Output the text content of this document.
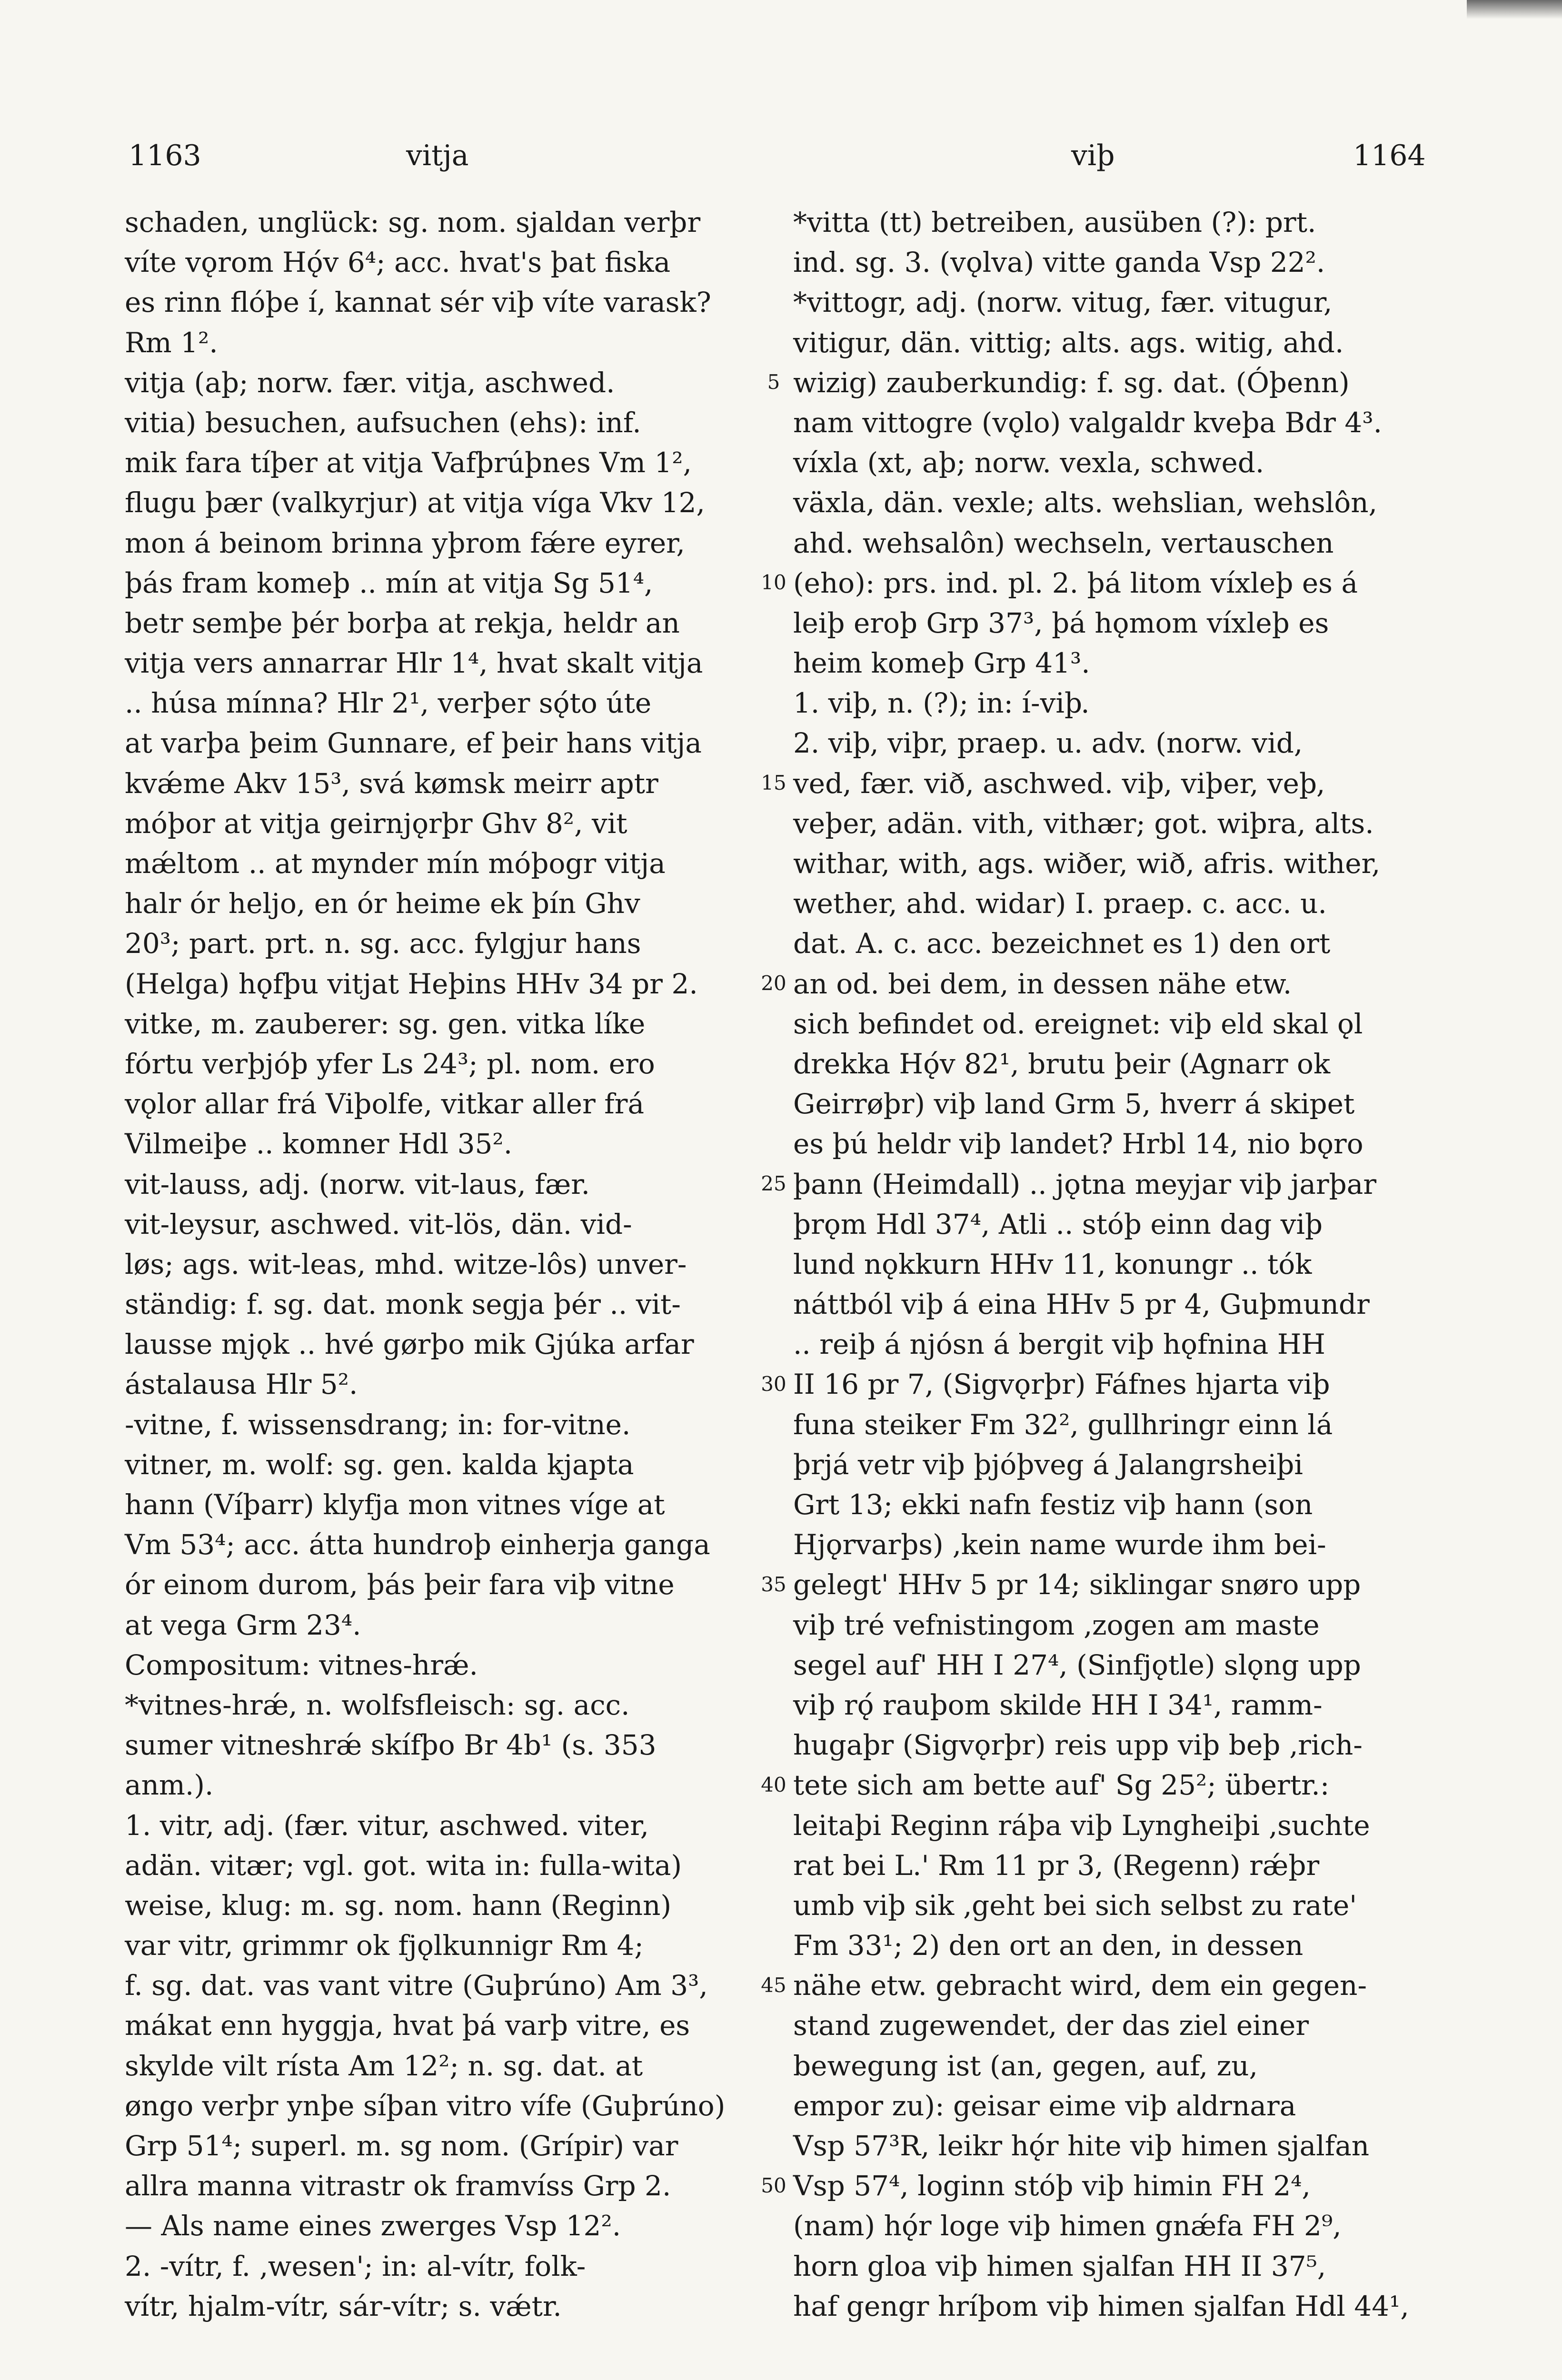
1163	vitja	viþ	1164
schaden, unglück: sg. nom. sjaldan verþr
víte vǫrom Hǫ́v 6⁴; acc. hvat's þat fiska
es rinn flóþe í, kannat sér viþ víte varask?
Rm 1².
vitja (aþ; norw. fær. vitja, aschwed.
vitia) besuchen, aufsuchen (ehs): inf.
mik fara tíþer at vitja Vafþrúþnes Vm 1²,
flugu þær (valkyrjur) at vitja víga Vkv 12,
mon á beinom brinna yþrom fǽre eyrer,
þás fram komeþ .. mín at vitja Sg 51⁴,
betr semþe þér borþa at rekja, heldr an
vitja vers annarrar Hlr 1⁴, hvat skalt vitja
.. húsa mínna? Hlr 2¹, verþer sǫ́to úte
at varþa þeim Gunnare, ef þeir hans vitja
kvǽme Akv 15³, svá kømsk meirr aptr
móþor at vitja geirnjǫrþr Ghv 8², vit
mǽltom .. at mynder mín móþogr vitja
halr ór heljo, en ór heime ek þín Ghv
20³; part. prt. n. sg. acc. fylgjur hans
(Helga) hǫfþu vitjat Heþins HHv 34 pr 2.
vitke, m. zauberer: sg. gen. vitka líke
fórtu verþjóþ yfer Ls 24³; pl. nom. ero
vǫlor allar frá Viþolfe, vitkar aller frá
Vilmeiþe .. komner Hdl 35².
vit-lauss, adj. (norw. vit-laus, fær.
vit-leysur, aschwed. vit-lös, dän. vid-
løs; ags. wit-leas, mhd. witze-lôs) unver-
ständig: f. sg. dat. monk segja þér .. vit-
lausse mjǫk .. hvé gørþo mik Gjúka arfar
ástalausa Hlr 5².
-vitne, f. wissensdrang; in: for-vitne.
vitner, m. wolf: sg. gen. kalda kjapta
hann (Víþarr) klyfja mon vitnes víge at
Vm 53⁴; acc. átta hundroþ einherja ganga
ór einom durom, þás þeir fara viþ vitne
at vega Grm 23⁴.
Compositum: vitnes-hrǽ.
*vitnes-hrǽ, n. wolfsfleisch: sg. acc.
sumer vitneshrǽ skífþo Br 4b¹ (s. 353
anm.).
1. vitr, adj. (fær. vitur, aschwed. viter,
adän. vitær; vgl. got. wita in: fulla-wita)
weise, klug: m. sg. nom. hann (Reginn)
var vitr, grimmr ok fjǫlkunnigr Rm 4;
f. sg. dat. vas vant vitre (Guþrúno) Am 3³,
mákat enn hyggja, hvat þá varþ vitre, es
skylde vilt rísta Am 12²; n. sg. dat. at
øngo verþr ynþe síþan vitro vífe (Guþrúno)
Grp 51⁴; superl. m. sg nom. (Grípir) var
allra manna vitrastr ok framvíss Grp 2.
— Als name eines zwerges Vsp 12².
2. -vítr, f. ‚wesen'; in: al-vítr, folk-
vítr, hjalm-vítr, sár-vítr; s. vǽtr.
*vitta (tt) betreiben, ausüben (?): prt.
ind. sg. 3. (vǫlva) vitte ganda Vsp 22².
*vittogr, adj. (norw. vitug, fær. vitugur,
vitigur, dän. vittig; alts. ags. witig, ahd.
wizig) zauberkundig: f. sg. dat. (Óþenn)
nam vittogre (vǫlo) valgaldr kveþa Bdr 4³.
víxla (xt, aþ; norw. vexla, schwed.
växla, dän. vexle; alts. wehslian, wehslôn,
ahd. wehsalôn) wechseln, vertauschen
(eho): prs. ind. pl. 2. þá litom víxleþ es á
leiþ eroþ Grp 37³, þá hǫmom víxleþ es
heim komeþ Grp 41³.
1. viþ, n. (?); in: í-viþ.
2. viþ, viþr, praep. u. adv. (norw. vid,
ved, fær. við, aschwed. viþ, viþer, veþ,
veþer, adän. vith, vithær; got. wiþra, alts.
withar, with, ags. wiðer, wið, afris. wither,
wether, ahd. widar) I. praep. c. acc. u.
dat. A. c. acc. bezeichnet es 1) den ort
an od. bei dem, in dessen nähe etw.
sich befindet od. ereignet: viþ eld skal ǫl
drekka Hǫ́v 82¹, brutu þeir (Agnarr ok
Geirrøþr) viþ land Grm 5, hverr á skipet
es þú heldr viþ landet? Hrbl 14, nio bǫro
þann (Heimdall) .. jǫtna meyjar viþ jarþar
þrǫm Hdl 37⁴, Atli .. stóþ einn dag viþ
lund nǫkkurn HHv 11, konungr .. tók
náttból viþ á eina HHv 5 pr 4, Guþmundr
.. reiþ á njósn á bergit viþ hǫfnina HH
II 16 pr 7, (Sigvǫrþr) Fáfnes hjarta viþ
funa steiker Fm 32², gullhringr einn lá
þrjá vetr viþ þjóþveg á Jalangrsheiþi
Grt 13; ekki nafn festiz viþ hann (son
Hjǫrvarþs) ‚kein name wurde ihm bei-
gelegt' HHv 5 pr 14; siklingar snøro upp
viþ tré vefnistingom ‚zogen am maste
segel auf' HH I 27⁴, (Sinfjǫtle) slǫng upp
viþ rǫ́ rauþom skilde HH I 34¹, ramm-
hugaþr (Sigvǫrþr) reis upp viþ beþ ‚rich-
tete sich am bette auf' Sg 25²; übertr.:
leitaþi Reginn ráþa viþ Lyngheiþi ‚suchte
rat bei L.' Rm 11 pr 3, (Regenn) rǽþr
umb viþ sik ‚geht bei sich selbst zu rate'
Fm 33¹; 2) den ort an den, in dessen
nähe etw. gebracht wird, dem ein gegen-
stand zugewendet, der das ziel einer
bewegung ist (an, gegen, auf, zu,
empor zu): geisar eime viþ aldrnara
Vsp 57³R, leikr hǫ́r hite viþ himen sjalfan
Vsp 57⁴, loginn stóþ viþ himin FH 2⁴,
(nam) hǫ́r loge viþ himen gnǽfa FH 2⁹,
horn gloa viþ himen sjalfan HH II 37⁵,
haf gengr hríþom viþ himen sjalfan Hdl 44¹,
5
10
15
20
25
30
35
40
45
50
